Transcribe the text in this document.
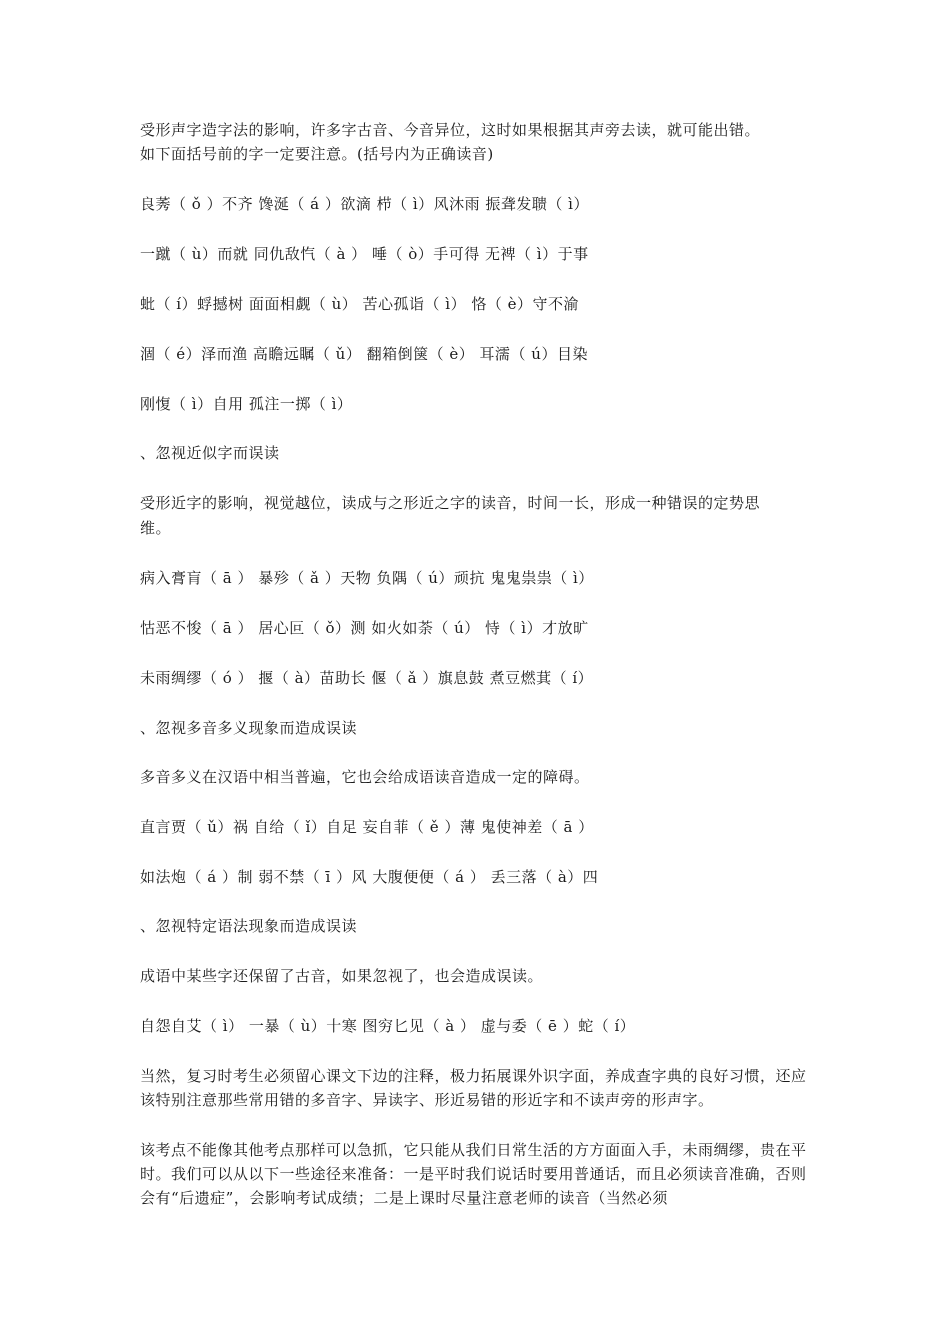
受形声字造字法的影响，许多字古音、今音异位，这时如果根据其声旁去读，就可能出错。

如下面括号前的字一定要注意。(括号内为正确读音)

良莠（ ǒ ）不齐 馋涎（ á ）欲滴 栉（ ì）风沐雨 振聋发聩（ ì）

一蹴（ ù）而就 同仇敌忾（ à ） 唾（ ò）手可得 无裨（ ì）于事

蚍（ í）蜉撼树 面面相觑（ ù） 苦心孤诣（ ì） 恪（ è）守不渝

涸（ é）泽而渔 高瞻远瞩（ ǔ） 翻箱倒箧（ è） 耳濡（ ú）目染

刚愎（ ì）自用 孤注一掷（ ì）

、忽视近似字而误读

受形近字的影响，视觉越位，读成与之形近之字的读音，时间一长，形成一种错误的定势思

维。

病入膏肓（ ā ） 暴殄（ ǎ ）天物 负隅（ ú）顽抗 鬼鬼祟祟（ ì）

怙恶不悛（ ā ） 居心叵（ ǒ）测 如火如荼（ ú） 恃（ ì）才放旷

未雨绸缪（ ó ） 揠（ à）苗助长 偃（ ǎ ）旗息鼓 煮豆燃萁（ í）

、忽视多音多义现象而造成误读

多音多义在汉语中相当普遍，它也会给成语读音造成一定的障碍。

直言贾（ ǔ）祸 自给（ ǐ）自足 妄自菲（ ě ）薄 鬼使神差（ ā ）

如法炮（ á ）制 弱不禁（ ī ）风 大腹便便（ á ） 丢三落（ à）四

、忽视特定语法现象而造成误读

成语中某些字还保留了古音，如果忽视了，也会造成误读。

自怨自艾（ ì） 一暴（ ù）十寒 图穷匕见（ à ） 虚与委（ ē ）蛇（ í）

当然，复习时考生必须留心课文下边的注释，极力拓展课外识字面，养成查字典的良好习惯，还应该特别注意那些常用错的多音字、异读字、形近易错的形近字和不读声旁的形声字。

该考点不能像其他考点那样可以急抓，它只能从我们日常生活的方方面面入手，未雨绸缪，贵在平时。我们可以从以下一些途径来准备：一是平时我们说话时要用普通话，而且必须读音准确，否则会有“后遗症”，会影响考试成绩；二是上课时尽量注意老师的读音（当然必须
